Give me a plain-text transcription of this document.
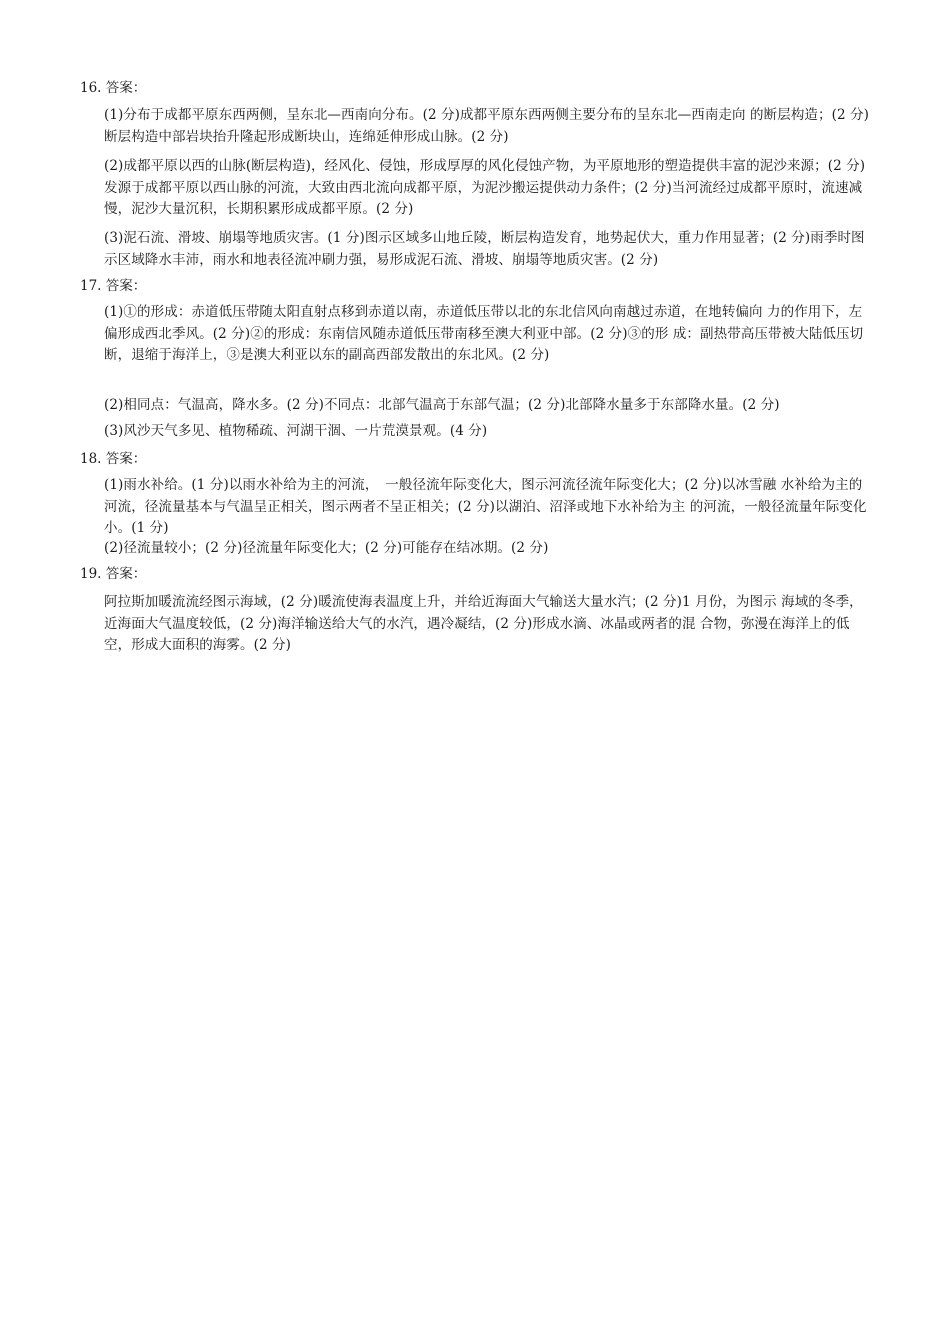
16. 答案：
(1)分布于成都平原东西两侧，呈东北—西南向分布。(2 分)成都平原东西两侧主要分布的呈东北—西南走向 的断层构造；(2 分)断层构造中部岩块抬升隆起形成断块山，连绵延伸形成山脉。(2 分)
(2)成都平原以西的山脉(断层构造)，经风化、侵蚀，形成厚厚的风化侵蚀产物，为平原地形的塑造提供丰富的泥沙来源；(2 分)发源于成都平原以西山脉的河流，大致由西北流向成都平原，为泥沙搬运提供动力条件；(2 分)当河流经过成都平原时，流速减慢，泥沙大量沉积，长期积累形成成都平原。(2 分)
(3)泥石流、滑坡、崩塌等地质灾害。(1 分)图示区域多山地丘陵，断层构造发育，地势起伏大，重力作用显著；(2 分)雨季时图示区域降水丰沛，雨水和地表径流冲刷力强，易形成泥石流、滑坡、崩塌等地质灾害。(2 分)
17. 答案：
(1)①的形成：赤道低压带随太阳直射点移到赤道以南，赤道低压带以北的东北信风向南越过赤道，在地转偏向 力的作用下，左偏形成西北季风。(2 分)②的形成：东南信风随赤道低压带南移至澳大利亚中部。(2 分)③的形 成：副热带高压带被大陆低压切断，退缩于海洋上，③是澳大利亚以东的副高西部发散出的东北风。(2 分)
(2)相同点：气温高，降水多。(2 分)不同点：北部气温高于东部气温；(2 分)北部降水量多于东部降水量。(2 分)
(3)风沙天气多见、植物稀疏、河湖干涸、一片荒漠景观。(4 分)
18. 答案：
(1)雨水补给。(1 分)以雨水补给为主的河流，　一般径流年际变化大，图示河流径流年际变化大；(2 分)以冰雪融 水补给为主的河流，径流量基本与气温呈正相关，图示两者不呈正相关；(2 分)以湖泊、沼泽或地下水补给为主 的河流，一般径流量年际变化小。(1 分)
(2)径流量较小；(2 分)径流量年际变化大；(2 分)可能存在结冰期。(2 分)
19. 答案：
阿拉斯加暖流流经图示海域，(2 分)暖流使海表温度上升，并给近海面大气输送大量水汽；(2 分)1 月份，为图示 海域的冬季，近海面大气温度较低，(2 分)海洋输送给大气的水汽，遇冷凝结，(2 分)形成水滴、冰晶或两者的混 合物，弥漫在海洋上的低空，形成大面积的海雾。(2 分)
